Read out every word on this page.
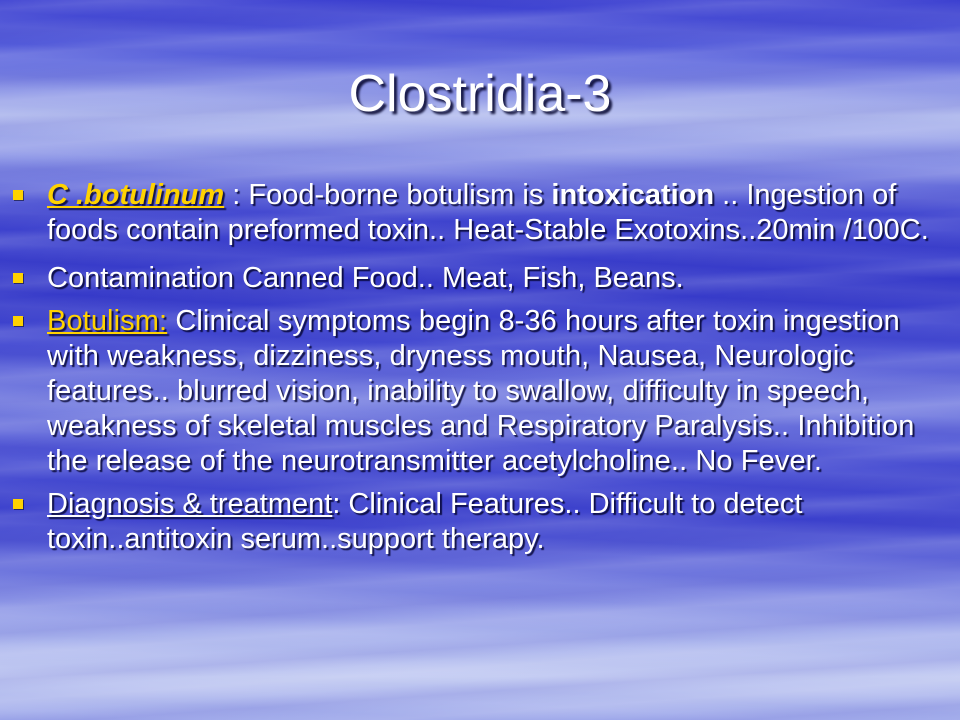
Clostridia-3
C .botulinum : Food-borne botulism is intoxication .. Ingestion of foods contain preformed toxin.. Heat-Stable Exotoxins..20min /100C.
Contamination Canned Food.. Meat, Fish, Beans.
Botulism: Clinical symptoms begin 8-36 hours after toxin ingestion with weakness, dizziness, dryness mouth, Nausea, Neurologic features.. blurred vision, inability to swallow, difficulty in speech, weakness of skeletal muscles and Respiratory Paralysis.. Inhibition the release of the neurotransmitter acetylcholine.. No Fever.
Diagnosis & treatment: Clinical Features.. Difficult to detect toxin..antitoxin serum..support therapy.
